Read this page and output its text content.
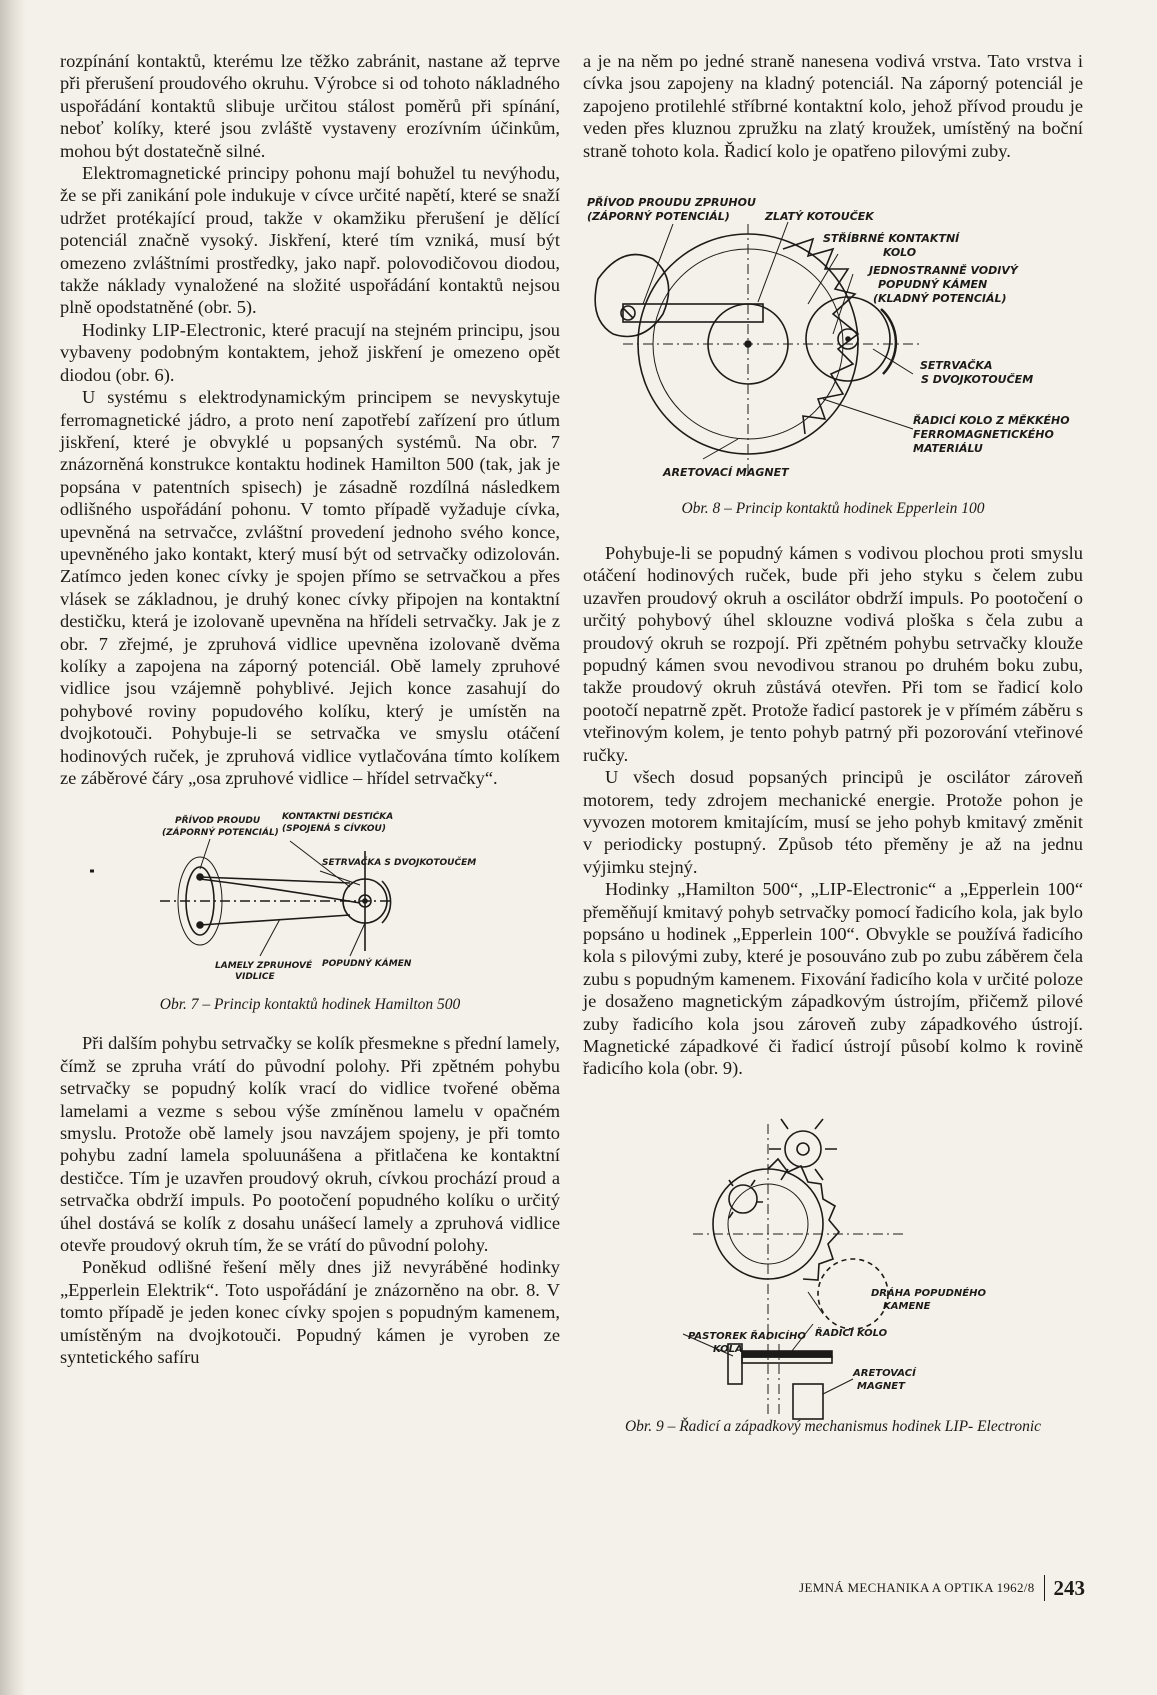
rozpínání kontaktů, kterému lze těžko zabránit, nastane až teprve při přerušení proudového okruhu. Výrobce si od tohoto nákladného uspořádání kontaktů slibuje určitou stálost poměrů při spínání, neboť kolíky, které jsou zvláště vystaveny erozívním účinkům, mohou být dostatečně silné.

Elektromagnetické principy pohonu mají bohužel tu nevýhodu, že se při zanikání pole indukuje v cívce určité napětí, které se snaží udržet protékající proud, takže v okamžiku přerušení je dělící potenciál značně vysoký. Jiskření, které tím vzniká, musí být omezeno zvláštními prostředky, jako např. polovodičovou diodou, takže náklady vynaložené na složité uspořádání kontaktů nejsou plně opodstatněné (obr. 5).

Hodinky LIP-Electronic, které pracují na stejném principu, jsou vybaveny podobným kontaktem, jehož jiskření je omezeno opět diodou (obr. 6).

U systému s elektrodynamickým principem se nevyskytuje ferromagnetické jádro, a proto není zapotřebí zařízení pro útlum jiskření, které je obvyklé u popsaných systémů. Na obr. 7 znázorněná konstrukce kontaktu hodinek Hamilton 500 (tak, jak je popsána v patentních spisech) je zásadně rozdílná následkem odlišného uspořádání pohonu. V tomto případě vyžaduje cívka, upevněná na setrvačce, zvláštní provedení jednoho svého konce, upevněného jako kontakt, který musí být od setrvačky odizolován. Zatímco jeden konec cívky je spojen přímo se setrvačkou a přes vlásek se základnou, je druhý konec cívky připojen na kontaktní destičku, která je izolovaně upevněna na hřídeli setrvačky. Jak je z obr. 7 zřejmé, je zpruhová vidlice upevněna izolovaně dvěma kolíky a zapojena na záporný potenciál. Obě lamely zpruhové vidlice jsou vzájemně pohyblivé. Jejich konce zasahují do pohybové roviny popudového kolíku, který je umístěn na dvojkotouči. Pohybuje-li se setrvačka ve smyslu otáčení hodinových ruček, je zpruhová vidlice vytlačována tímto kolíkem ze záběrové čáry „osa zpruhové vidlice – hřídel setrvačky“.

PŘÍVOD PROUDU
(ZÁPORNÝ POTENCIÁL)
KONTAKTNÍ DESTIČKA
(SPOJENÁ S CÍVKOU)
SETRVAČKA S DVOJKOTOUČEM
LAMELY ZPRUHOVÉ
VIDLICE
POPUDNÝ KÁMEN
Obr. 7 – Princip kontaktů hodinek Hamilton 500

Při dalším pohybu setrvačky se kolík přesmekne s přední lamely, čímž se zpruha vrátí do původní polohy. Při zpětném pohybu setrvačky se popudný kolík vrací do vidlice tvořené oběma lamelami a vezme s sebou výše zmíněnou lamelu v opačném smyslu. Protože obě lamely jsou navzájem spojeny, je při tomto pohybu zadní lamela spoluunášena a přitlačena ke kontaktní destičce. Tím je uzavřen proudový okruh, cívkou prochází proud a setrvačka obdrží impuls. Po pootočení popudného kolíku o určitý úhel dostává se kolík z dosahu unášecí lamely a zpruhová vidlice otevře proudový okruh tím, že se vrátí do původní polohy.

Poněkud odlišné řešení měly dnes již nevyráběné hodinky „Epperlein Elektrik“. Toto uspořádání je znázorněno na obr. 8. V tomto případě je jeden konec cívky spojen s popudným kamenem, umístěným na dvojkotouči. Popudný kámen je vyroben ze syntetického safíru

a je na něm po jedné straně nanesena vodivá vrstva. Tato vrstva i cívka jsou zapojeny na kladný potenciál. Na záporný potenciál je zapojeno protilehlé stříbrné kontaktní kolo, jehož přívod proudu je veden přes kluznou zpružku na zlatý kroužek, umístěný na boční straně tohoto kola. Řadicí kolo je opatřeno pilovými zuby.

PŘÍVOD PROUDU ZPRUHOU
(ZÁPORNÝ POTENCIÁL)	ZLATÝ KOTOUČEK
STŘÍBRNÉ KONTAKTNÍ
KOLO
JEDNOSTRANNĚ VODIVÝ
POPUDNÝ KÁMEN
(KLADNÝ POTENCIÁL)
SETRVAČKA
S DVOJKOTOUČEM
ŘADICÍ KOLO Z MĚKKÉHO
FERROMAGNETICKÉHO
MATERIÁLU
ARETOVACÍ MAGNET
Obr. 8 – Princip kontaktů hodinek Epperlein 100

Pohybuje-li se popudný kámen s vodivou plochou proti smyslu otáčení hodinových ruček, bude při jeho styku s čelem zubu uzavřen proudový okruh a oscilátor obdrží impuls. Po pootočení o určitý pohybový úhel sklouzne vodivá ploška s čela zubu a proudový okruh se rozpojí. Při zpětném pohybu setrvačky klouže popudný kámen svou nevodivou stranou po druhém boku zubu, takže proudový okruh zůstává otevřen. Při tom se řadicí kolo pootočí nepatrně zpět. Protože řadicí pastorek je v přímém záběru s vteřinovým kolem, je tento pohyb patrný při pozorování vteřinové ručky.

U všech dosud popsaných principů je oscilátor zároveň motorem, tedy zdrojem mechanické energie. Protože pohon je vyvozen motorem kmitajícím, musí se jeho pohyb kmitavý změnit v periodicky postupný. Způsob této přeměny je až na jednu výjimku stejný.

Hodinky „Hamilton 500“, „LIP-Electronic“ a „Epperlein 100“ přeměňují kmitavý pohyb setrvačky pomocí řadicího kola, jak bylo popsáno u hodinek „Epperlein 100“. Obvykle se používá řadicího kola s pilovými zuby, které je posouváno zub po zubu záběrem čela zubu s popudným kamenem. Fixování řadicího kola v určité poloze je dosaženo magnetickým západkovým ústrojím, přičemž pilové zuby řadicího kola jsou zároveň zuby západkového ústrojí. Magnetické západkové či řadicí ústrojí působí kolmo k rovině řadicího kola (obr. 9).

DRÁHA POPUDNÉHO
KAMENE
PASTOREK ŘADICÍHO
KOLA
ŘADICÍ KOLO
ARETOVACÍ
MAGNET
Obr. 9 – Řadicí a západkový mechanismus hodinek LIP- Electronic
JEMNÁ MECHANIKA A OPTIKA 1962/8 243
